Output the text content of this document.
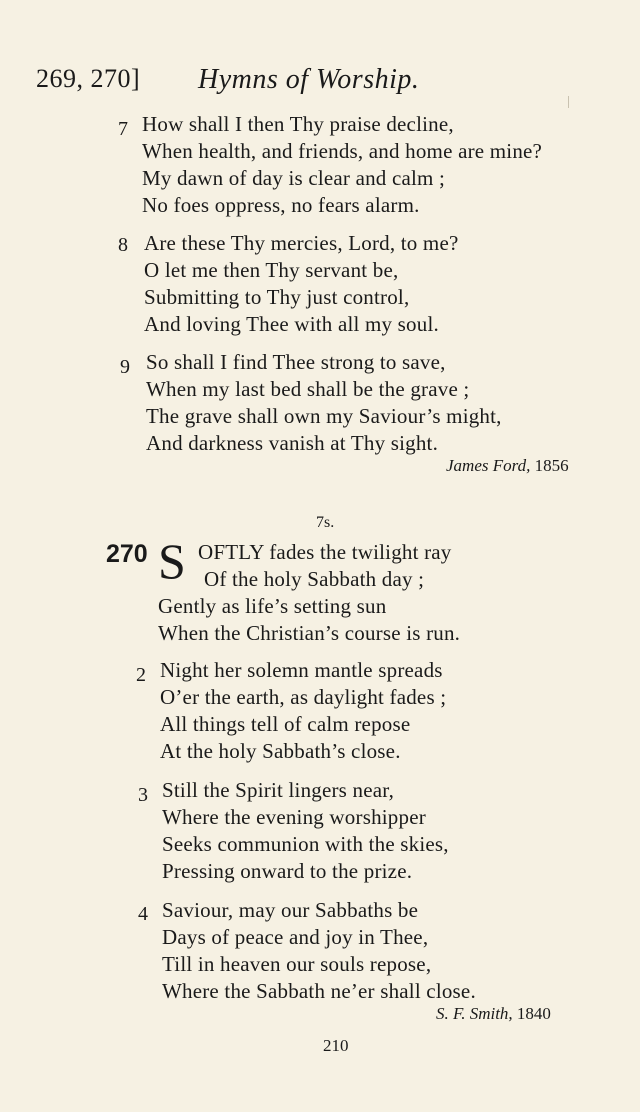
269, 270] Hymns of Worship.
7 How shall I then Thy praise decline,
When health, and friends, and home are mine?
My dawn of day is clear and calm ;
No foes oppress, no fears alarm.
8 Are these Thy mercies, Lord, to me?
O let me then Thy servant be,
Submitting to Thy just control,
And loving Thee with all my soul.
9 So shall I find Thee strong to save,
When my last bed shall be the grave ;
The grave shall own my Saviour’s might,
And darkness vanish at Thy sight.
James Ford, 1856
7s.
270 S OFTLY fades the twilight ray
Of the holy Sabbath day ;
Gently as life’s setting sun
When the Christian’s course is run.
2 Night her solemn mantle spreads
O’er the earth, as daylight fades ;
All things tell of calm repose
At the holy Sabbath’s close.
3 Still the Spirit lingers near,
Where the evening worshipper
Seeks communion with the skies,
Pressing onward to the prize.
4 Saviour, may our Sabbaths be
Days of peace and joy in Thee,
Till in heaven our souls repose,
Where the Sabbath ne’er shall close.
S. F. Smith, 1840
210
